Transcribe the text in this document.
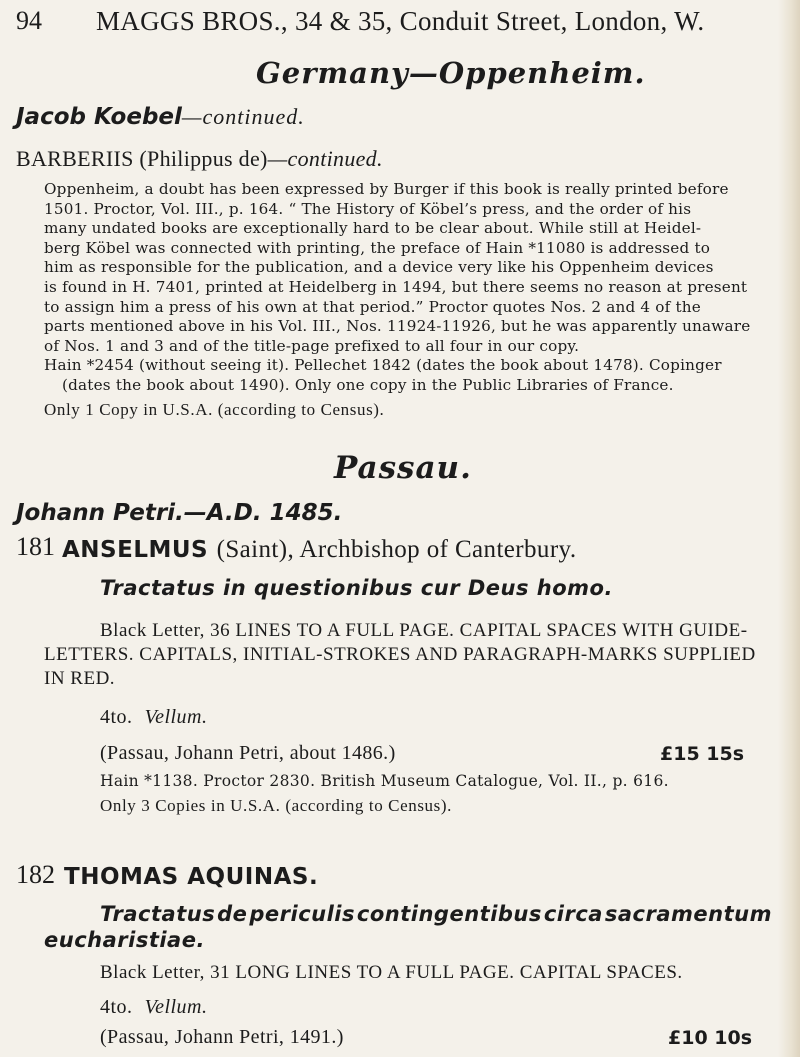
94 MAGGS BROS., 34 & 35, Conduit Street, London, W.
Germany—Oppenheim.
Jacob Koebel—continued.
BARBERIIS (Philippus de)—continued.
Oppenheim, a doubt has been expressed by Burger if this book is really printed before
1501. Proctor, Vol. III., p. 164. “ The History of Köbel’s press, and the order of his
many undated books are exceptionally hard to be clear about. While still at Heidel-
berg Köbel was connected with printing, the preface of Hain *11080 is addressed to
him as responsible for the publication, and a device very like his Oppenheim devices
is found in H. 7401, printed at Heidelberg in 1494, but there seems no reason at present
to assign him a press of his own at that period.” Proctor quotes Nos. 2 and 4 of the
parts mentioned above in his Vol. III., Nos. 11924-11926, but he was apparently unaware
of Nos. 1 and 3 and of the title-page prefixed to all four in our copy.
Hain *2454 (without seeing it). Pellechet 1842 (dates the book about 1478). Copinger
(dates the book about 1490). Only one copy in the Public Libraries of France.
Only 1 Copy in U.S.A. (according to Census).
Passau.
Johann Petri.—A.D. 1485.
181 ANSELMUS (Saint), Archbishop of Canterbury.
Tractatus in questionibus cur Deus homo.
Black Letter, 36 LINES TO A FULL PAGE. CAPITAL SPACES WITH GUIDE-
LETTERS. CAPITALS, INITIAL-STROKES AND PARAGRAPH-MARKS SUPPLIED
IN RED.
4to. Vellum.
(Passau, Johann Petri, about 1486.)	£15 15s
Hain *1138. Proctor 2830. British Museum Catalogue, Vol. II., p. 616.
Only 3 Copies in U.S.A. (according to Census).
182 THOMAS AQUINAS.
Tractatus de periculis contingentibus circa sacramentum
eucharistiae.
Black Letter, 31 LONG LINES TO A FULL PAGE. CAPITAL SPACES.
4to. Vellum.
(Passau, Johann Petri, 1491.)	£10 10s
